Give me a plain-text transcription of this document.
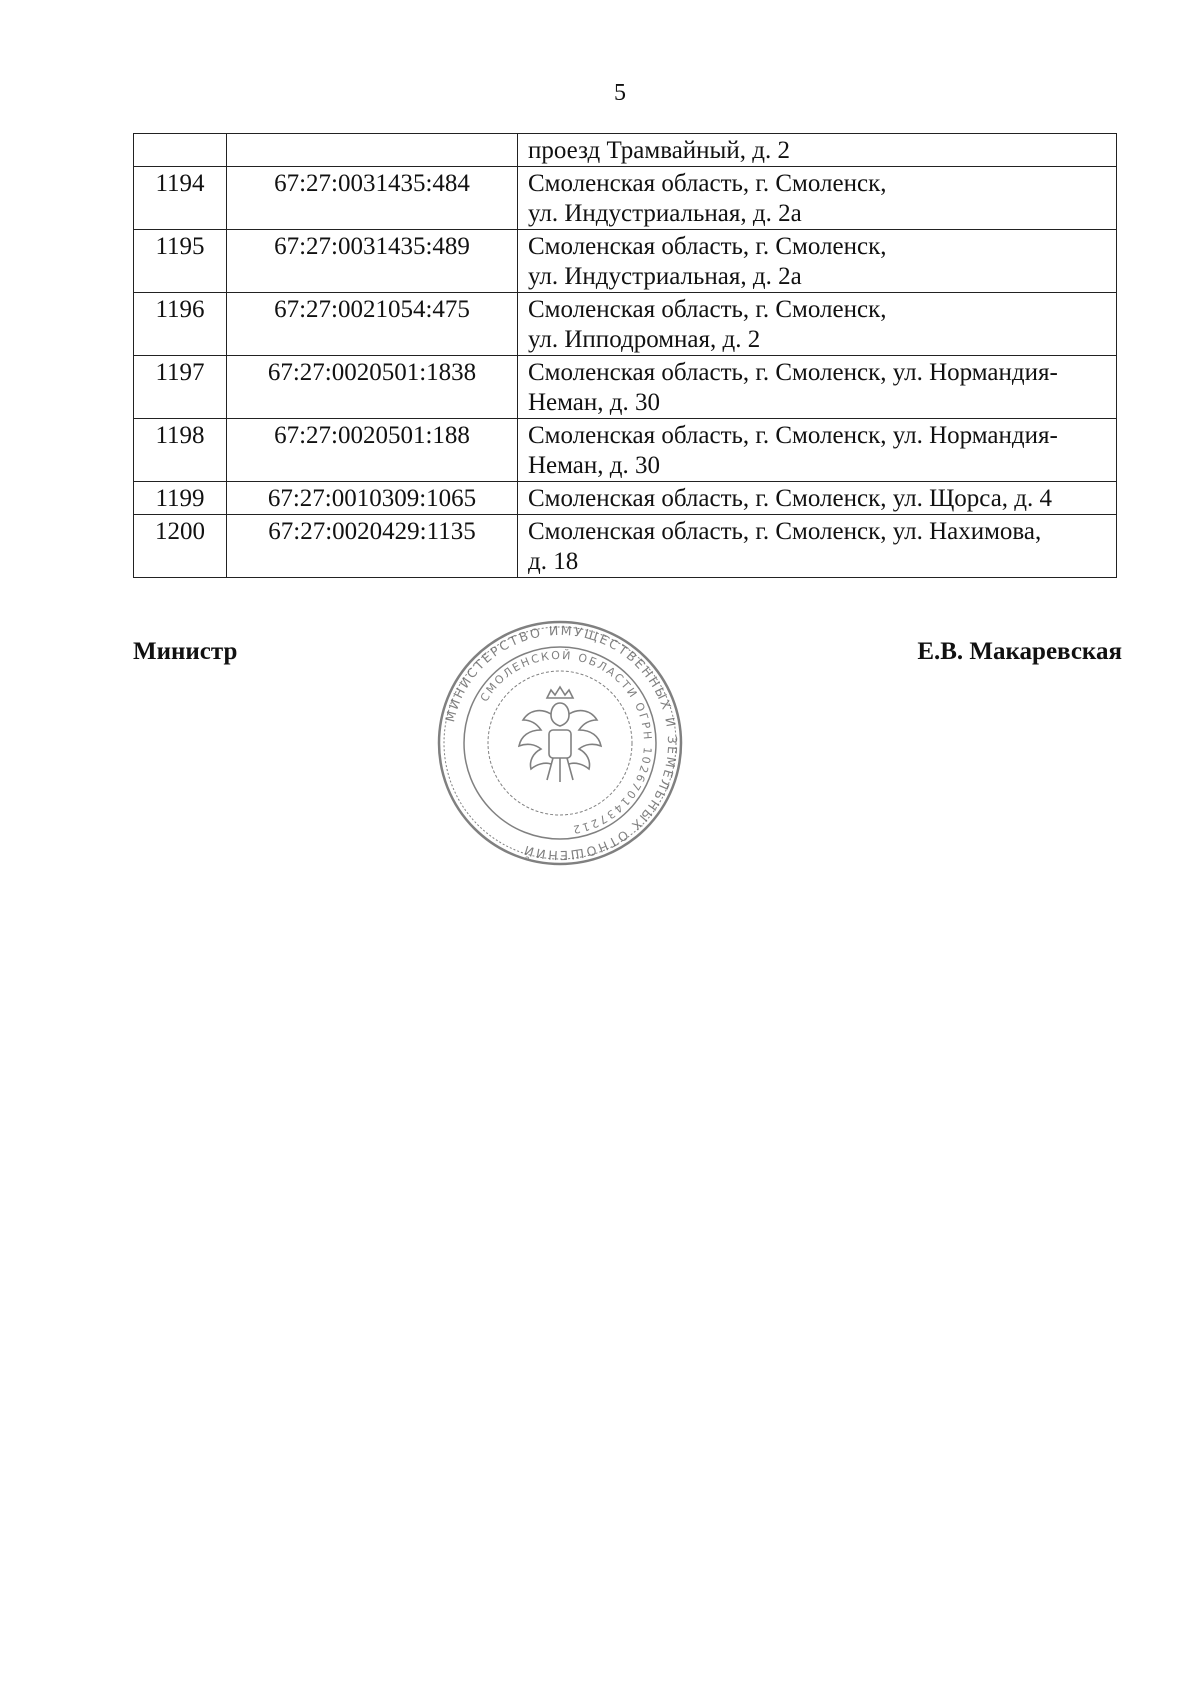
5

		проезд Трамвайный, д. 2

1194	67:27:0031435:484	Смоленская область, г. Смоленск,
ул. Индустриальная, д. 2а

1195	67:27:0031435:489	Смоленская область, г. Смоленск,
ул. Индустриальная, д. 2а

1196	67:27:0021054:475	Смоленская область, г. Смоленск,
ул. Ипподромная, д. 2

1197	67:27:0020501:1838	Смоленская область, г. Смоленск, ул. Нормандия-
Неман, д. 30

1198	67:27:0020501:188	Смоленская область, г. Смоленск, ул. Нормандия-
Неман, д. 30

1199	67:27:0010309:1065	Смоленская область, г. Смоленск, ул. Щорса, д. 4

1200	67:27:0020429:1135	Смоленская область, г. Смоленск, ул. Нахимова,
д. 18
Министр
МИНИСТЕРСТВО ИМУЩЕСТВЕННЫХ И ЗЕМЕЛЬНЫХ ОТНОШЕНИЙ
СМОЛЕНСКОЙ ОБЛАСТИ ОГРН 1026701437212
Е.В. Макаревская
